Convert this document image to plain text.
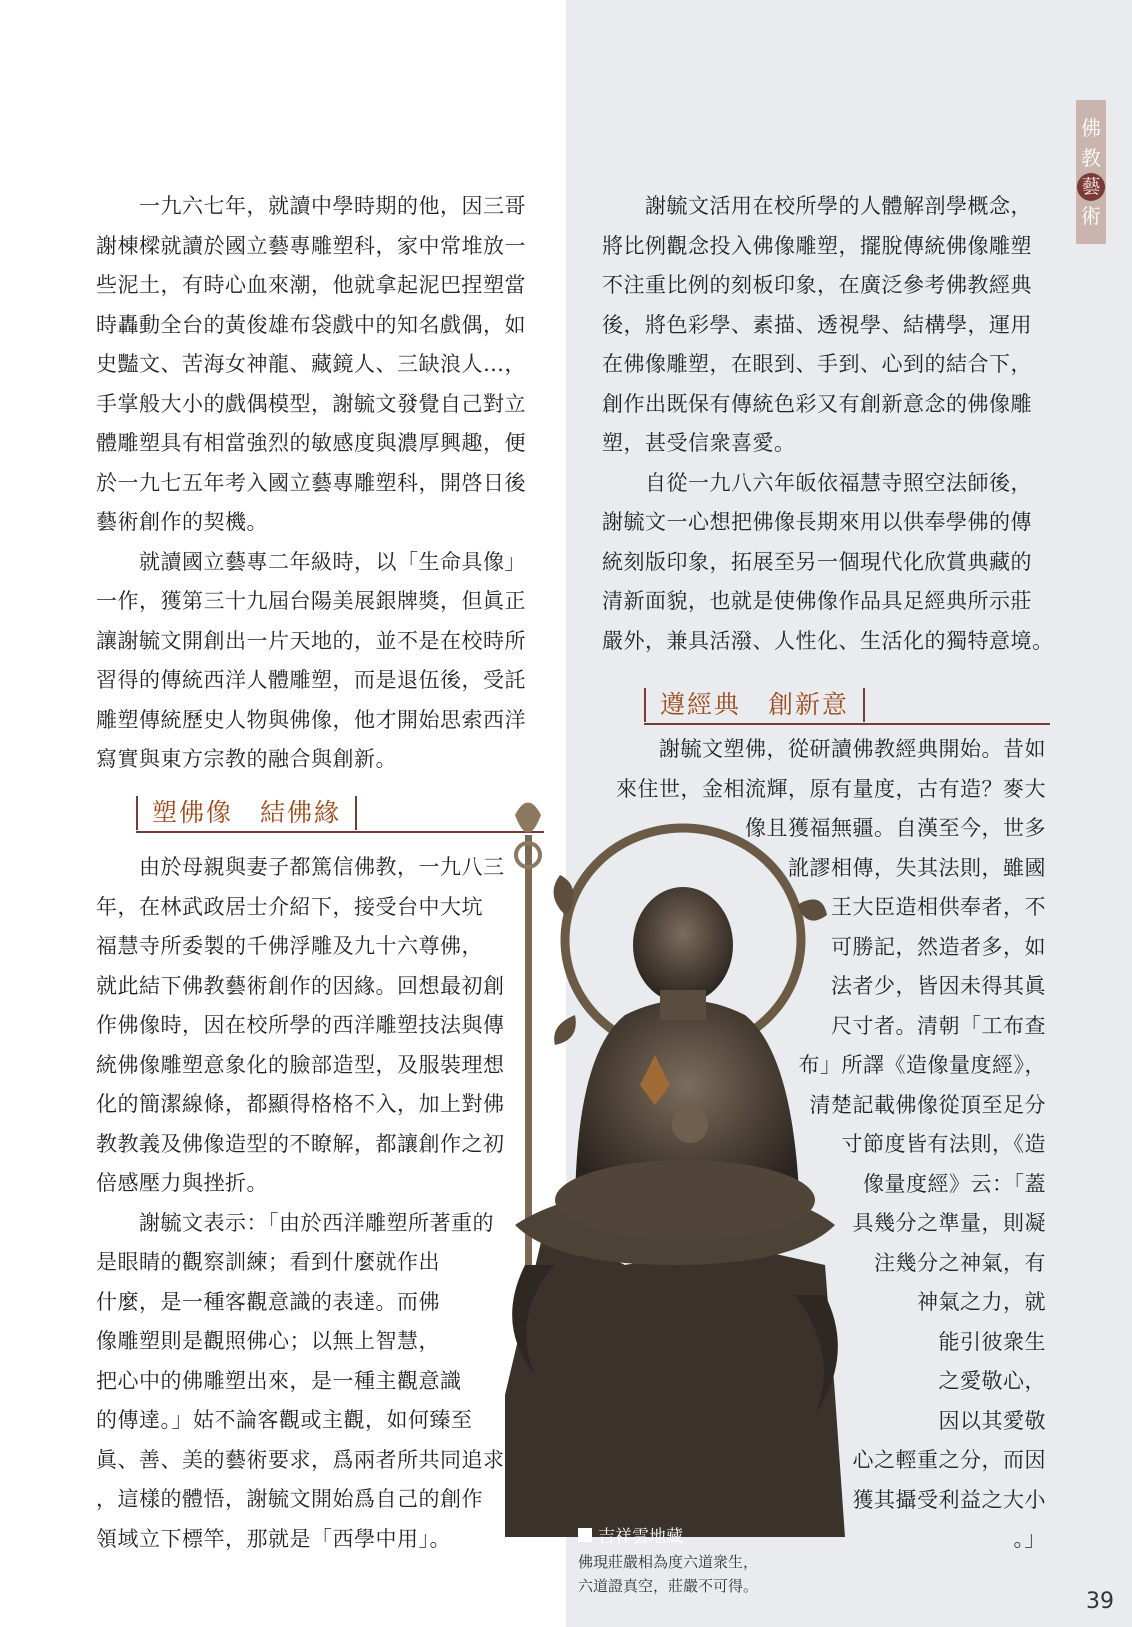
佛
教
藝
術

　　一九六七年，就讀中學時期的他，因三哥

謝棟樑就讀於國立藝專雕塑科，家中常堆放一

些泥土，有時心血來潮，他就拿起泥巴捏塑當

時轟動全台的黃俊雄布袋戲中的知名戲偶，如

史豔文、苦海女神龍、藏鏡人、三缺浪人…，

手掌般大小的戲偶模型，謝毓文發覺自己對立

體雕塑具有相當強烈的敏感度與濃厚興趣，便

於一九七五年考入國立藝專雕塑科，開啓日後

藝術創作的契機。

　　就讀國立藝專二年級時，以「生命具像」

一作，獲第三十九屆台陽美展銀牌獎，但眞正

讓謝毓文開創出一片天地的，並不是在校時所

習得的傳統西洋人體雕塑，而是退伍後，受託

雕塑傳統歷史人物與佛像，他才開始思索西洋

寫實與東方宗教的融合與創新。

塑佛像　結佛緣

　　由於母親與妻子都篤信佛教，一九八三

年，在林武政居士介紹下，接受台中大坑

福慧寺所委製的千佛浮雕及九十六尊佛，

就此結下佛教藝術創作的因緣。回想最初創

作佛像時，因在校所學的西洋雕塑技法與傳

統佛像雕塑意象化的臉部造型，及服裝理想

化的簡潔線條，都顯得格格不入，加上對佛

教教義及佛像造型的不瞭解，都讓創作之初

倍感壓力與挫折。

　　謝毓文表示：「由於西洋雕塑所著重的

是眼睛的觀察訓練；看到什麼就作出

什麼，是一種客觀意識的表達。而佛

像雕塑則是觀照佛心；以無上智慧，

把心中的佛雕塑出來，是一種主觀意識

的傳達。」姑不論客觀或主觀，如何臻至

眞、善、美的藝術要求，爲兩者所共同追求

，這樣的體悟，謝毓文開始爲自己的創作

領域立下標竿，那就是「西學中用」。

　　謝毓文活用在校所學的人體解剖學概念，

將比例觀念投入佛像雕塑，擺脫傳統佛像雕塑

不注重比例的刻板印象，在廣泛參考佛教經典

後，將色彩學、素描、透視學、結構學，運用

在佛像雕塑，在眼到、手到、心到的結合下，

創作出既保有傳統色彩又有創新意念的佛像雕

塑，甚受信衆喜愛。

　　自從一九八六年皈依福慧寺照空法師後，

謝毓文一心想把佛像長期來用以供奉學佛的傳

統刻版印象，拓展至另一個現代化欣賞典藏的

清新面貌，也就是使佛像作品具足經典所示莊

嚴外，兼具活潑、人性化、生活化的獨特意境。

遵經典　創新意

　　謝毓文塑佛，從研讀佛教經典開始。昔如

來住世，金相流輝，原有量度，古有造？麥大

像且獲福無疆。自漢至今，世多

訛謬相傳，失其法則，雖國

王大臣造相供奉者，不

可勝記，然造者多，如

法者少，皆因未得其眞

尺寸者。清朝「工布查

布」所譯《造像量度經》，

清楚記載佛像從頂至足分

寸節度皆有法則，《造

像量度經》云：「蓋

具幾分之準量，則凝

注幾分之神氣，有

神氣之力，就

能引彼衆生

之愛敬心，

因以其愛敬

心之輕重之分，而因

獲其攝受利益之大小

。」

吉祥雲地藏
佛現莊嚴相為度六道衆生，
六道證真空，莊嚴不可得。
39
